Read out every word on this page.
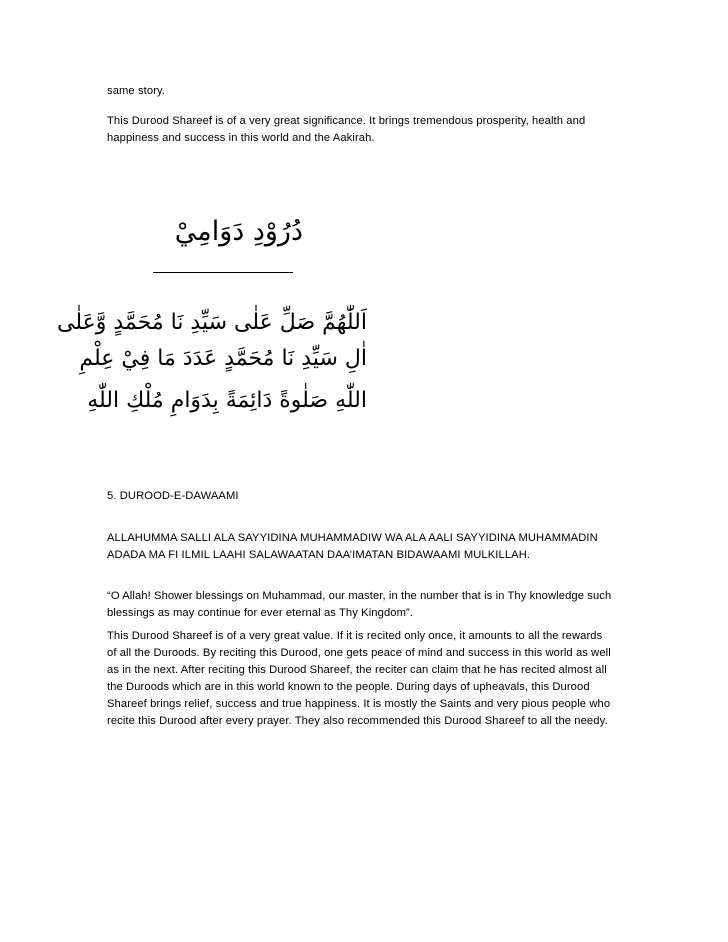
same story.

This Durood Shareef is of a very great significance. It brings tremendous prosperity, health and happiness and success in this world and the Aakirah.

دُرُوْدِ دَوَامِيْ

اَللّٰهُمَّ صَلِّ عَلٰى سَيِّدِ نَا مُحَمَّدٍ وَّعَلٰى

اٰلِ سَيِّدِ نَا مُحَمَّدٍ عَدَدَ مَا فِيْ عِلْمِ

اللّٰهِ صَلٰوةً دَائِمَةً بِدَوَامِ مُلْكِ اللّٰهِ

5. DUROOD-E-DAWAAMI

ALLAHUMMA SALLI ALA SAYYIDINA MUHAMMADIW WA ALA AALI SAYYIDINA MUHAMMADIN ADADA MA FI ILMIL LAAHI SALAWAATAN DAA’IMATAN BIDAWAAMI MULKILLAH.

“O Allah! Shower blessings on Muhammad, our master, in the number that is in Thy knowledge such blessings as may continue for ever eternal as Thy Kingdom”.

This Durood Shareef is of a very great value. If it is recited only once, it amounts to all the rewards of all the Duroods. By reciting this Durood, one gets peace of mind and success in this world as well as in the next. After reciting this Durood Shareef, the reciter can claim that he has recited almost all the Duroods which are in this world known to the people. During days of upheavals, this Durood Shareef brings relief, success and true happiness. It is mostly the Saints and very pious people who recite this Durood after every prayer. They also recommended this Durood Shareef to all the needy.
